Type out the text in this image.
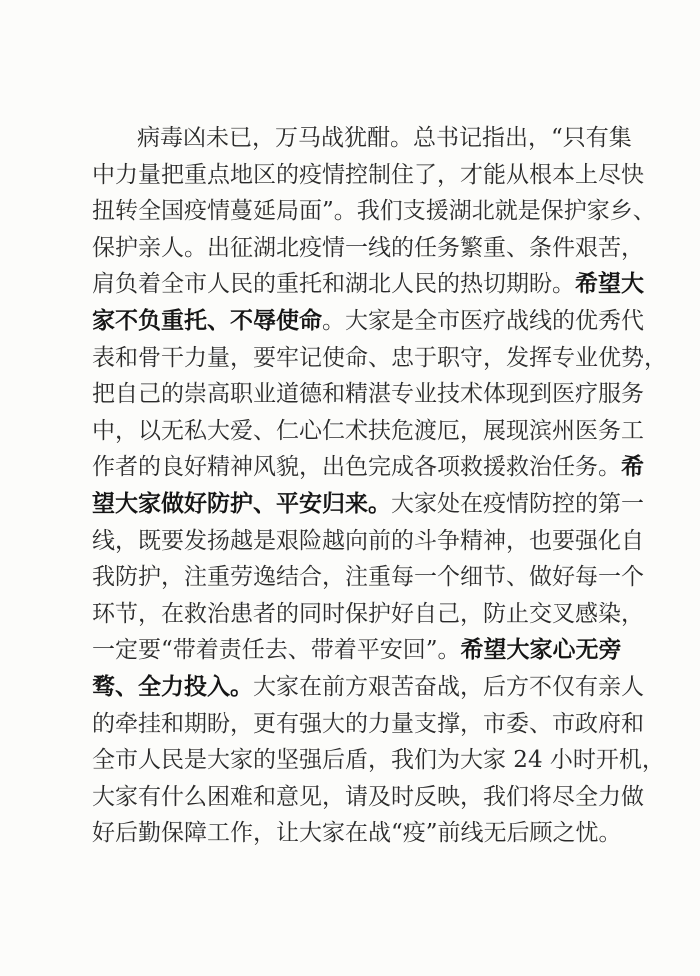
病毒凶未已，万马战犹酣。总书记指出，“只有集
中力量把重点地区的疫情控制住了，才能从根本上尽快
扭转全国疫情蔓延局面”。我们支援湖北就是保护家乡、
保护亲人。出征湖北疫情一线的任务繁重、条件艰苦，
肩负着全市人民的重托和湖北人民的热切期盼。希望大
家不负重托、不辱使命。大家是全市医疗战线的优秀代
表和骨干力量，要牢记使命、忠于职守，发挥专业优势，
把自己的崇高职业道德和精湛专业技术体现到医疗服务
中，以无私大爱、仁心仁术扶危渡厄，展现滨州医务工
作者的良好精神风貌，出色完成各项救援救治任务。希
望大家做好防护、平安归来。大家处在疫情防控的第一
线，既要发扬越是艰险越向前的斗争精神，也要强化自
我防护，注重劳逸结合，注重每一个细节、做好每一个
环节，在救治患者的同时保护好自己，防止交叉感染，
一定要“带着责任去、带着平安回”。希望大家心无旁
骛、全力投入。大家在前方艰苦奋战，后方不仅有亲人
的牵挂和期盼，更有强大的力量支撑，市委、市政府和
全市人民是大家的坚强后盾，我们为大家 24 小时开机，
大家有什么困难和意见，请及时反映，我们将尽全力做
好后勤保障工作，让大家在战“疫”前线无后顾之忧。
